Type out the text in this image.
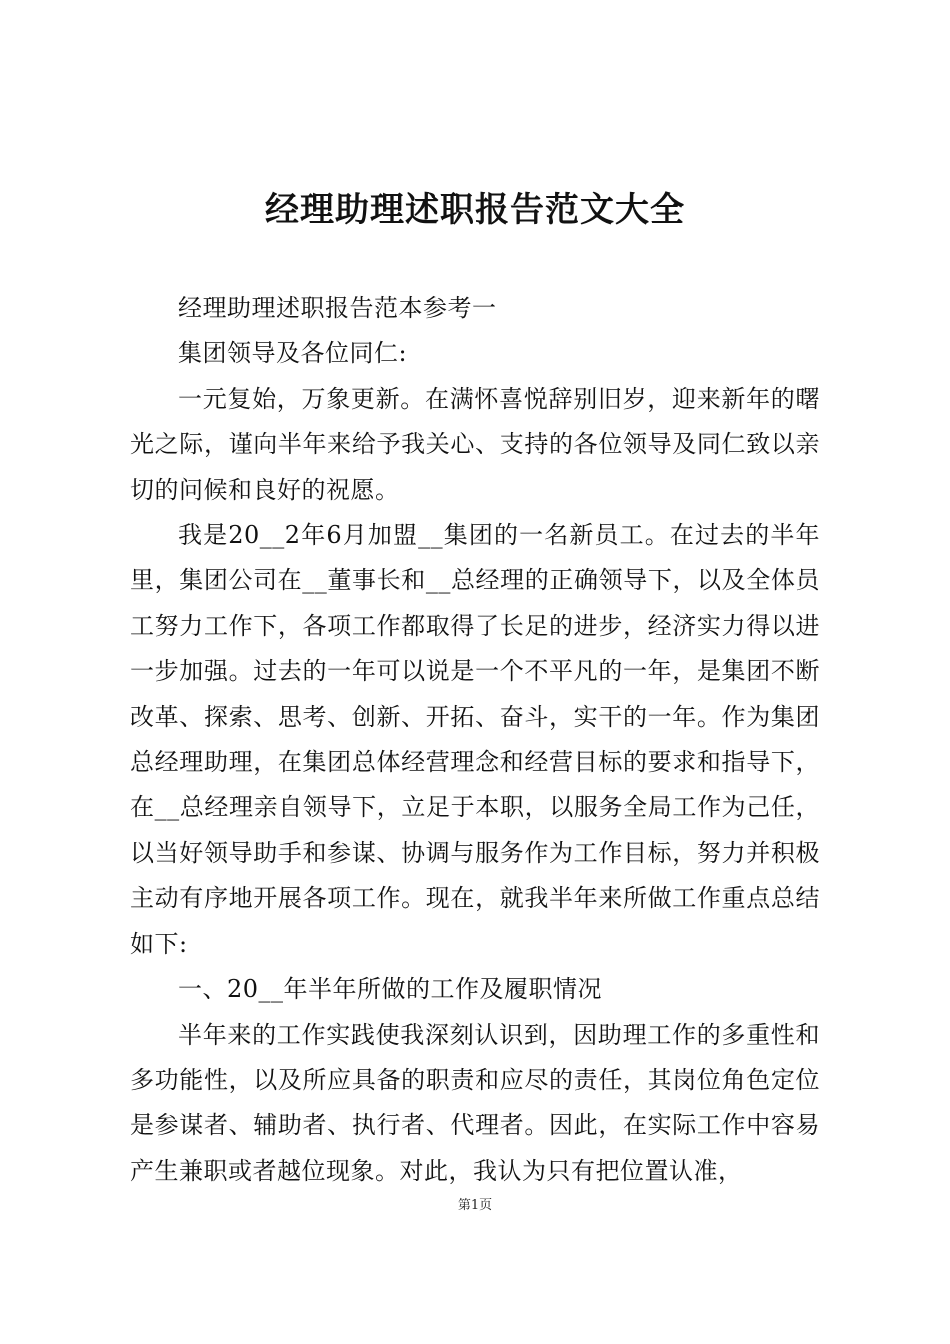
经理助理述职报告范文大全

经理助理述职报告范本参考一

集团领导及各位同仁:

一元复始，万象更新。在满怀喜悦辞别旧岁，迎来新年的曙光之际，谨向半年来给予我关心、支持的各位领导及同仁致以亲切的问候和良好的祝愿。

我是20__2年6月加盟__集团的一名新员工。在过去的半年里，集团公司在__董事长和__总经理的正确领导下，以及全体员工努力工作下，各项工作都取得了长足的进步，经济实力得以进一步加强。过去的一年可以说是一个不平凡的一年，是集团不断改革、探索、思考、创新、开拓、奋斗，实干的一年。作为集团总经理助理，在集团总体经营理念和经营目标的要求和指导下，在__总经理亲自领导下，立足于本职，以服务全局工作为己任，以当好领导助手和参谋、协调与服务作为工作目标，努力并积极主动有序地开展各项工作。现在，就我半年来所做工作重点总结如下:

一、20__年半年所做的工作及履职情况

半年来的工作实践使我深刻认识到，因助理工作的多重性和多功能性，以及所应具备的职责和应尽的责任，其岗位角色定位是参谋者、辅助者、执行者、代理者。因此，在实际工作中容易产生兼职或者越位现象。对此，我认为只有把位置认准，

第1页
